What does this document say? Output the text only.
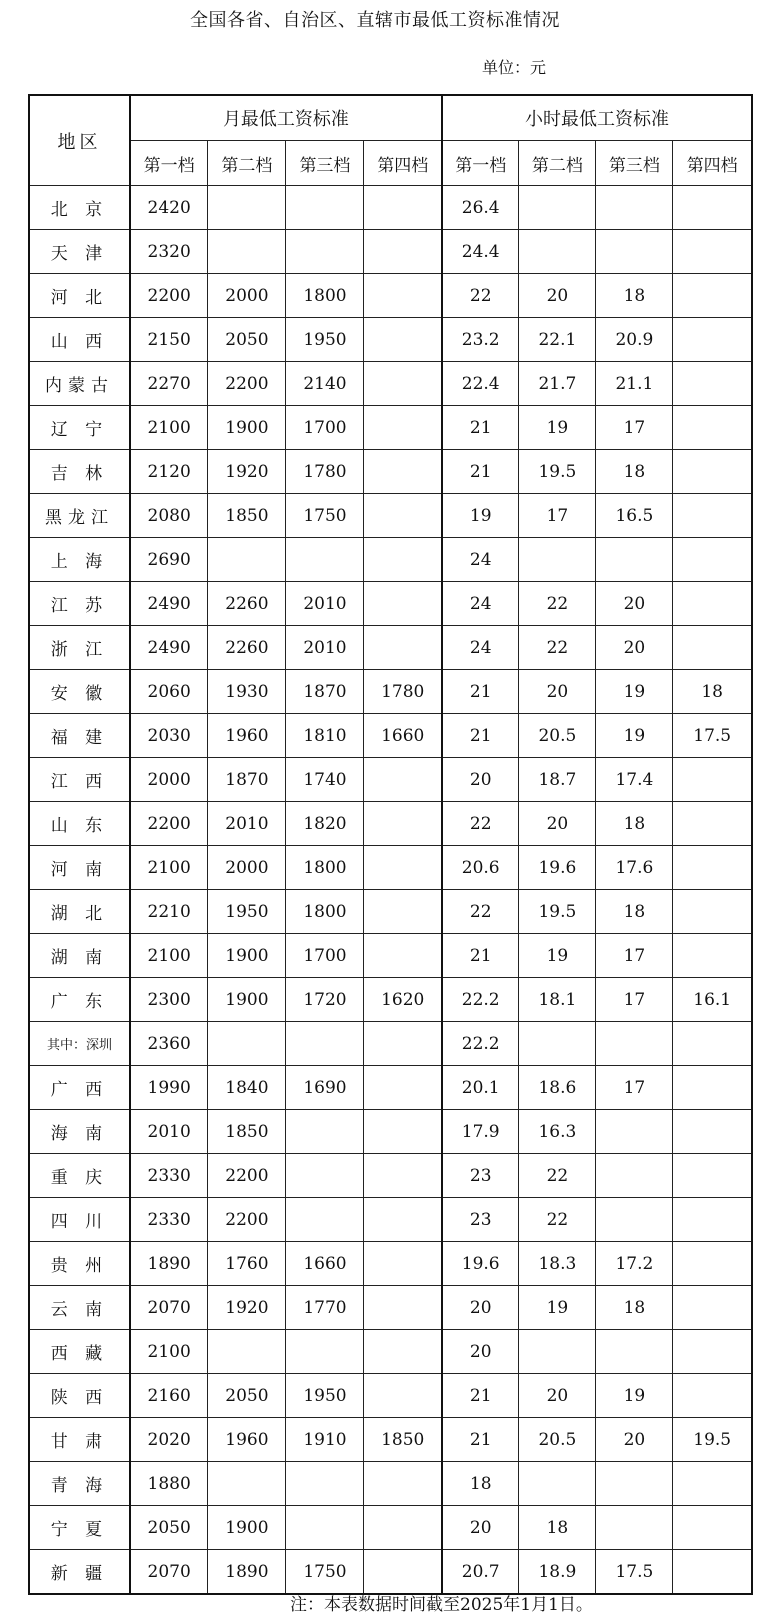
全国各省、自治区、直辖市最低工资标准情况
单位：元
地区	月最低工资标准				小时最低工资标准			
	第一档	第二档	第三档	第四档	第一档	第二档	第三档	第四档
北 京	2420				26.4			
天 津	2320				24.4			
河 北	2200	2000	1800		22	20	18	
山 西	2150	2050	1950		23.2	22.1	20.9	
内蒙古	2270	2200	2140		22.4	21.7	21.1	
辽 宁	2100	1900	1700		21	19	17	
吉 林	2120	1920	1780		21	19.5	18	
黑龙江	2080	1850	1750		19	17	16.5	
上 海	2690				24			
江 苏	2490	2260	2010		24	22	20	
浙 江	2490	2260	2010		24	22	20	
安 徽	2060	1930	1870	1780	21	20	19	18
福 建	2030	1960	1810	1660	21	20.5	19	17.5
江 西	2000	1870	1740		20	18.7	17.4	
山 东	2200	2010	1820		22	20	18	
河 南	2100	2000	1800		20.6	19.6	17.6	
湖 北	2210	1950	1800		22	19.5	18	
湖 南	2100	1900	1700		21	19	17	
广 东	2300	1900	1720	1620	22.2	18.1	17	16.1
其中：深圳	2360				22.2			
广 西	1990	1840	1690		20.1	18.6	17	
海 南	2010	1850			17.9	16.3		
重 庆	2330	2200			23	22		
四 川	2330	2200			23	22		
贵 州	1890	1760	1660		19.6	18.3	17.2	
云 南	2070	1920	1770		20	19	18	
西 藏	2100				20			
陕 西	2160	2050	1950		21	20	19	
甘 肃	2020	1960	1910	1850	21	20.5	20	19.5
青 海	1880				18			
宁 夏	2050	1900			20	18		
新 疆	2070	1890	1750		20.7	18.9	17.5	
注：本表数据时间截至2025年1月1日。
